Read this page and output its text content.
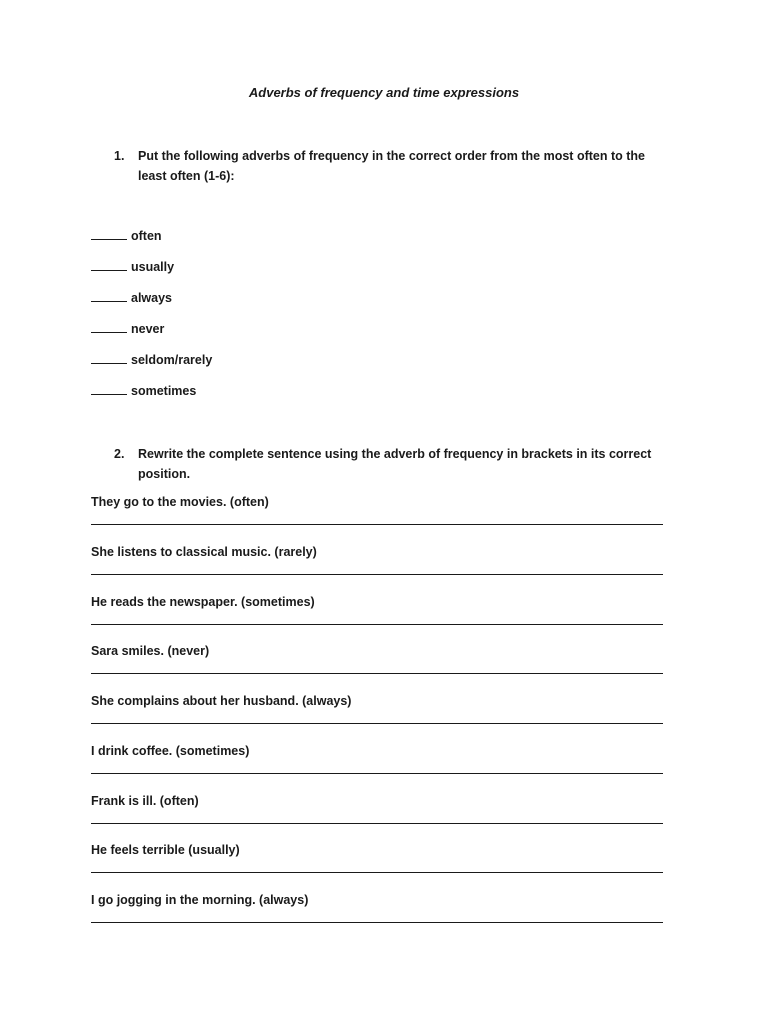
Adverbs of frequency and time expressions
1. Put the following adverbs of frequency in the correct order from the most often to the least often (1-6):
often
usually
always
never
seldom/rarely
sometimes
2. Rewrite the complete sentence using the adverb of frequency in brackets in its correct position.
They go to the movies. (often)
She listens to classical music. (rarely)
He reads the newspaper. (sometimes)
Sara smiles. (never)
She complains about her husband. (always)
I drink coffee. (sometimes)
Frank is ill. (often)
He feels terrible (usually)
I go jogging in the morning. (always)
